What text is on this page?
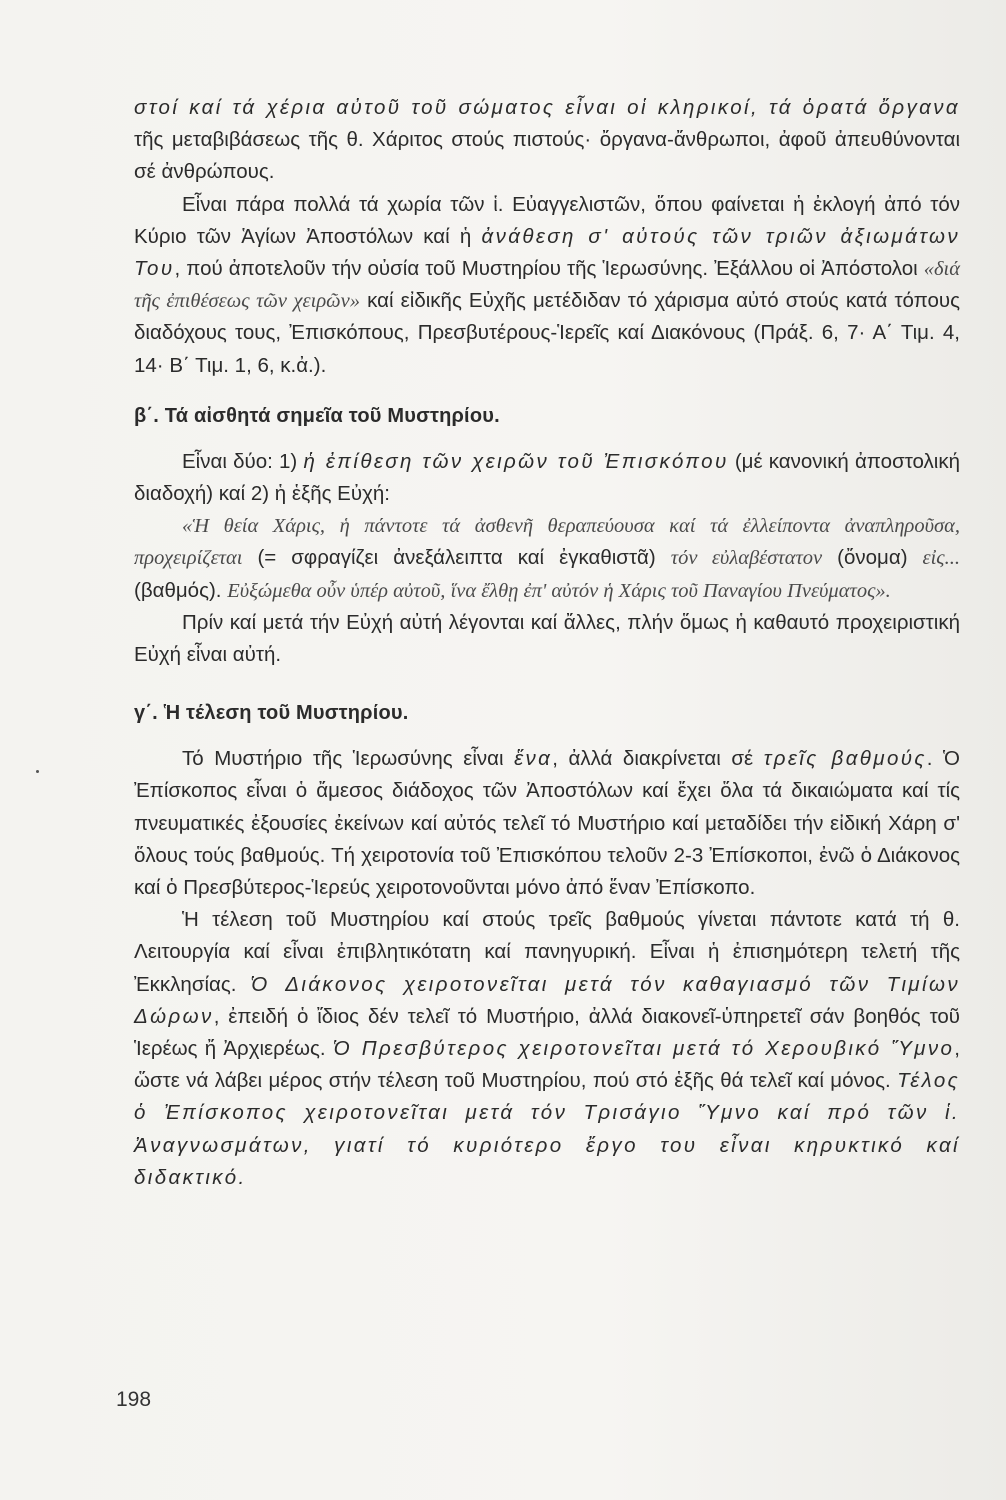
στοί καί τά χέρια αὐτοῦ τοῦ σώματος εἶναι οἱ κληρικοί, τά ὁρατά ὄργανα τῆς μεταβιβάσεως τῆς θ. Χάριτος στούς πιστούς· ὄργανα-ἄνθρωποι, ἀφοῦ ἀπευθύνονται σέ ἀνθρώπους.

Εἶναι πάρα πολλά τά χωρία τῶν ἱ. Εὐαγγελιστῶν, ὅπου φαίνεται ἡ ἐκλογή ἀπό τόν Κύριο τῶν Ἁγίων Ἀποστόλων καί ἡ ἀνάθεση σ' αὐτούς τῶν τριῶν ἀξιωμάτων Του, πού ἀποτελοῦν τήν οὐσία τοῦ Μυστηρίου τῆς Ἱερωσύνης. Ἐξάλλου οἱ Ἀπόστολοι «διά τῆς ἐπιθέσεως τῶν χειρῶν» καί εἰδικῆς Εὐχῆς μετέδιδαν τό χάρισμα αὐτό στούς κατά τόπους διαδόχους τους, Ἐπισκόπους, Πρεσβυτέρους-Ἱερεῖς καί Διακόνους (Πράξ. 6, 7· Α΄ Τιμ. 4, 14· Β΄ Τιμ. 1, 6, κ.ἀ.).

β΄. Τά αἰσθητά σημεῖα τοῦ Μυστηρίου.

Εἶναι δύο: 1) ἡ ἐπίθεση τῶν χειρῶν τοῦ Ἐπισκόπου (μέ κανονική ἀποστολική διαδοχή) καί 2) ἡ ἑξῆς Εὐχή:

«Ἡ θεία Χάρις, ἡ πάντοτε τά ἀσθενῆ θεραπεύουσα καί τά ἐλλείποντα ἀναπληροῦσα, προχειρίζεται (= σφραγίζει ἀνεξάλειπτα καί ἐγκαθιστᾶ) τόν εὐλαβέστατον (ὄνομα) εἰς... (βαθμός). Εὐξώμεθα οὖν ὑπέρ αὐτοῦ, ἵνα ἔλθῃ ἐπ' αὐτόν ἡ Χάρις τοῦ Παναγίου Πνεύματος».

Πρίν καί μετά τήν Εὐχή αὐτή λέγονται καί ἄλλες, πλήν ὅμως ἡ καθαυτό προχειριστική Εὐχή εἶναι αὐτή.

γ΄. Ἡ τέλεση τοῦ Μυστηρίου.

Τό Μυστήριο τῆς Ἱερωσύνης εἶναι ἕνα, ἀλλά διακρίνεται σέ τρεῖς βαθμούς. Ὁ Ἐπίσκοπος εἶναι ὁ ἄμεσος διάδοχος τῶν Ἀποστόλων καί ἔχει ὅλα τά δικαιώματα καί τίς πνευματικές ἐξουσίες ἐκείνων καί αὐτός τελεῖ τό Μυστήριο καί μεταδίδει τήν εἰδική Χάρη σ' ὅλους τούς βαθμούς. Τή χειροτονία τοῦ Ἐπισκόπου τελοῦν 2-3 Ἐπίσκοποι, ἐνῶ ὁ Διάκονος καί ὁ Πρεσβύτερος-Ἱερεύς χειροτονοῦνται μόνο ἀπό ἕναν Ἐπίσκοπο.

Ἡ τέλεση τοῦ Μυστηρίου καί στούς τρεῖς βαθμούς γίνεται πάντοτε κατά τή θ. Λειτουργία καί εἶναι ἐπιβλητικότατη καί πανηγυρική. Εἶναι ἡ ἐπισημότερη τελετή τῆς Ἐκκλησίας. Ὁ Διάκονος χειροτονεῖται μετά τόν καθαγιασμό τῶν Τιμίων Δώρων, ἐπειδή ὁ ἴδιος δέν τελεῖ τό Μυστήριο, ἀλλά διακονεῖ-ὑπηρετεῖ σάν βοηθός τοῦ Ἱερέως ἤ Ἀρχιερέως. Ὁ Πρεσβύτερος χειροτονεῖται μετά τό Χερουβικό Ὕμνο, ὥστε νά λάβει μέρος στήν τέλεση τοῦ Μυστηρίου, πού στό ἑξῆς θά τελεῖ καί μόνος. Τέλος ὁ Ἐπίσκοπος χειροτονεῖται μετά τόν Τρισάγιο Ὕμνο καί πρό τῶν ἱ. Ἀναγνωσμάτων, γιατί τό κυριότερο ἔργο του εἶναι κηρυκτικό καί διδακτικό.

198
